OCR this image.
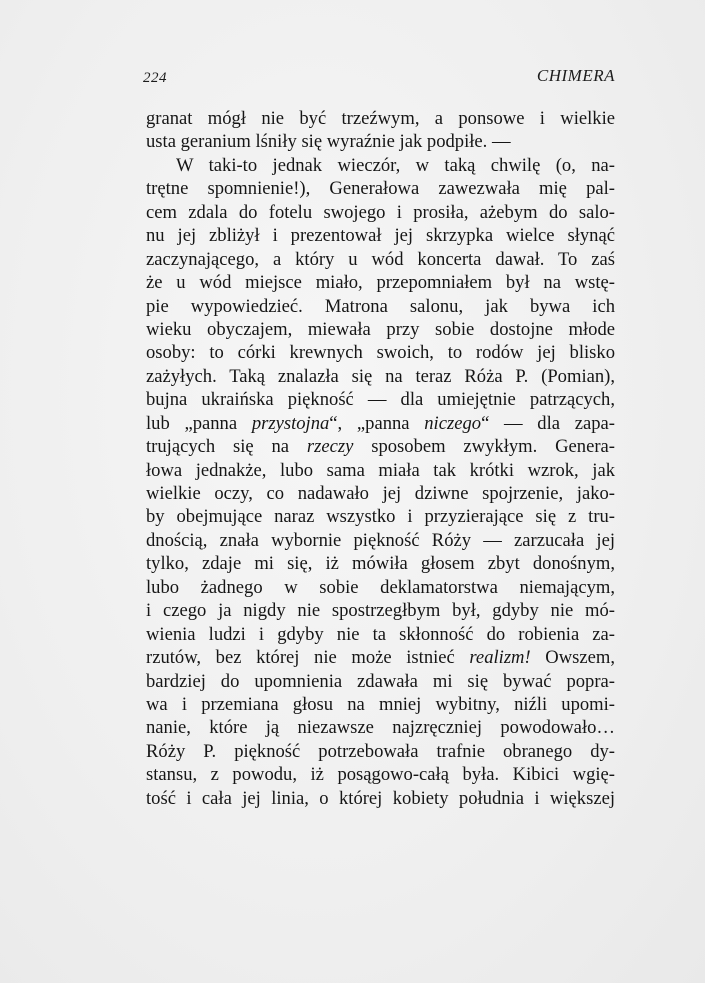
224	CHIMERA
granat mógł nie być trzeźwym, a ponsowe i wielkie
usta geranium lśniły się wyraźnie jak podpiłe. —
W taki-to jednak wieczór, w taką chwilę (o, na-
trętne spomnienie!), Generałowa zawezwała mię pal-
cem zdala do fotelu swojego i prosiła, ażebym do salo-
nu jej zbliżył i prezentował jej skrzypka wielce słynąć
zaczynającego, a który u wód koncerta dawał. To zaś
że u wód miejsce miało, przepomniałem był na wstę-
pie wypowiedzieć. Matrona salonu, jak bywa ich
wieku obyczajem, miewała przy sobie dostojne młode
osoby: to córki krewnych swoich, to rodów jej blisko
zażyłych. Taką znalazła się na teraz Róża P. (Pomian),
bujna ukraińska piękność — dla umiejętnie patrzących,
lub „panna przystojna“, „panna niczego“ — dla zapa-
trujących się na rzeczy sposobem zwykłym. Genera-
łowa jednakże, lubo sama miała tak krótki wzrok, jak
wielkie oczy, co nadawało jej dziwne spojrzenie, jako-
by obejmujące naraz wszystko i przyzierające się z tru-
dnością, znała wybornie piękność Róży — zarzucała jej
tylko, zdaje mi się, iż mówiła głosem zbyt donośnym,
lubo żadnego w sobie deklamatorstwa niemającym,
i czego ja nigdy nie spostrzegłbym był, gdyby nie mó-
wienia ludzi i gdyby nie ta skłonność do robienia za-
rzutów, bez której nie może istnieć realizm! Owszem,
bardziej do upomnienia zdawała mi się bywać popra-
wa i przemiana głosu na mniej wybitny, niźli upomi-
nanie, które ją niezawsze najzręczniej powodowało…
Róży P. piękność potrzebowała trafnie obranego dy-
stansu, z powodu, iż posągowo-całą była. Kibici wgię-
tość i cała jej linia, o której kobiety południa i większej
